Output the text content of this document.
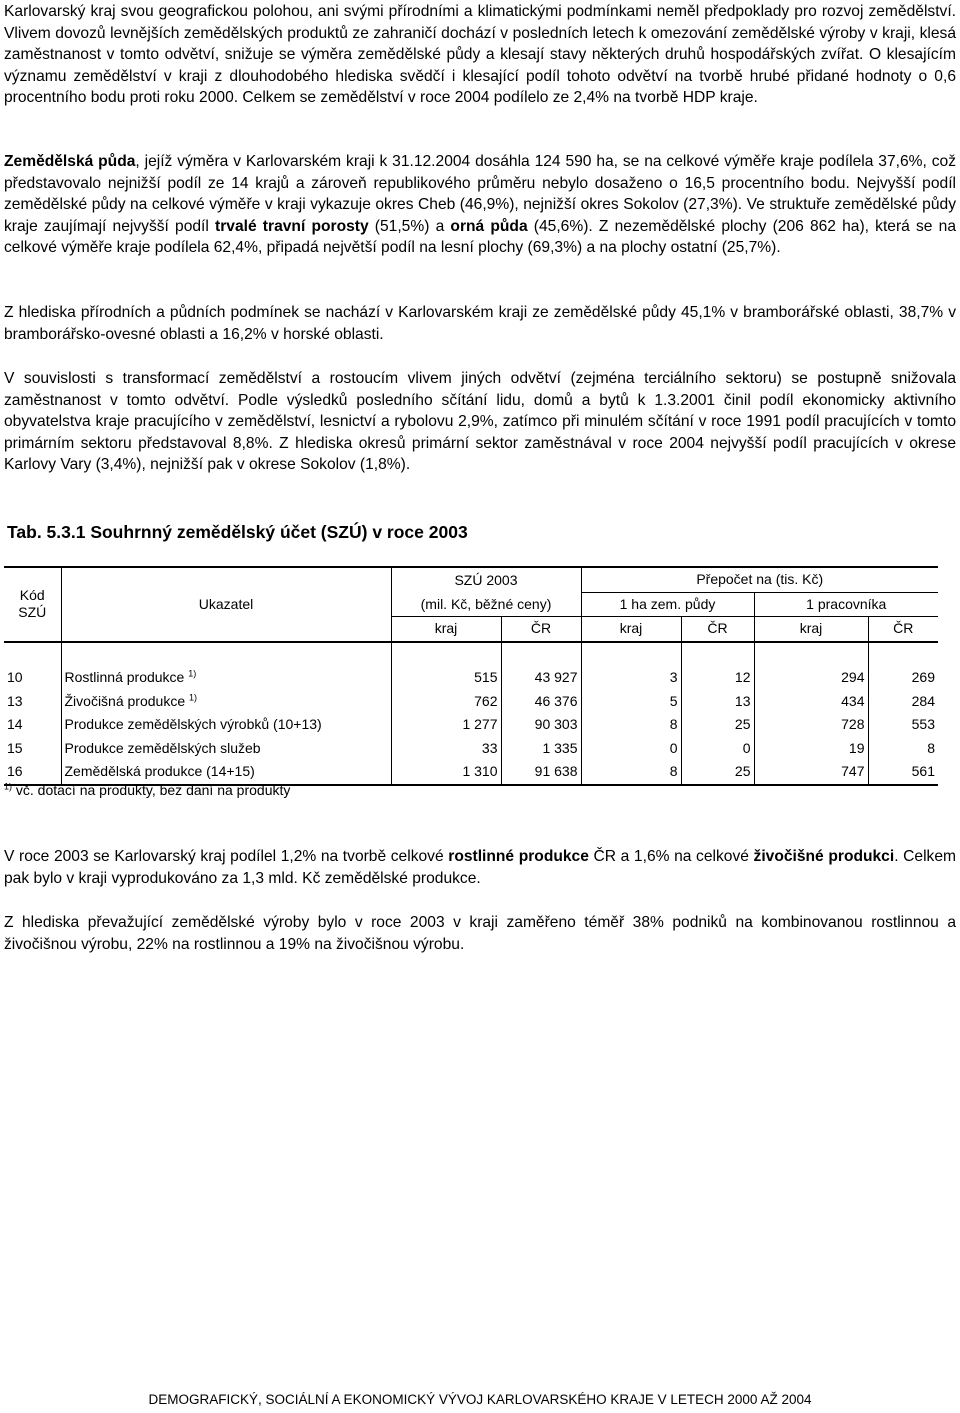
Karlovarský kraj svou geografickou polohou, ani svými přírodními a klimatickými podmínkami neměl předpoklady pro rozvoj zemědělství. Vlivem dovozů levnějších zemědělských produktů ze zahraničí dochází v posledních letech k omezování zemědělské výroby v kraji, klesá zaměstnanost v tomto odvětví, snižuje se výměra zemědělské půdy a klesají stavy některých druhů hospodářských zvířat. O klesajícím významu zemědělství v kraji z dlouhodobého hlediska svědčí i klesající podíl tohoto odvětví na tvorbě hrubé přidané hodnoty o 0,6 procentního bodu proti roku 2000. Celkem se zemědělství v roce 2004 podílelo ze 2,4% na tvorbě HDP kraje.

Zemědělská půda, jejíž výměra v Karlovarském kraji k 31.12.2004 dosáhla 124 590 ha, se na celkové výměře kraje podílela 37,6%, což představovalo nejnižší podíl ze 14 krajů a zároveň republikového průměru nebylo dosaženo o 16,5 procentního bodu. Nejvyšší podíl zemědělské půdy na celkové výměře v kraji vykazuje okres Cheb (46,9%), nejnižší okres Sokolov (27,3%). Ve struktuře zemědělské půdy kraje zaujímají nejvyšší podíl trvalé travní porosty (51,5%) a orná půda (45,6%). Z nezemědělské plochy (206 862 ha), která se na celkové výměře kraje podílela 62,4%, připadá největší podíl na lesní plochy (69,3%) a na plochy ostatní (25,7%).

Z hlediska přírodních a půdních podmínek se nachází v Karlovarském kraji ze zemědělské půdy 45,1% v bramborářské oblasti, 38,7% v bramborářsko-ovesné oblasti a 16,2% v horské oblasti.

V souvislosti s transformací zemědělství a rostoucím vlivem jiných odvětví (zejména terciálního sektoru) se postupně snižovala zaměstnanost v tomto odvětví. Podle výsledků posledního sčítání lidu, domů a bytů k 1.3.2001 činil podíl ekonomicky aktivního obyvatelstva kraje pracujícího v zemědělství, lesnictví a rybolovu 2,9%, zatímco při minulém sčítání v roce 1991 podíl pracujících v tomto primárním sektoru představoval 8,8%. Z hlediska okresů primární sektor zaměstnával v roce 2004 nejvyšší podíl pracujících v okrese Karlovy Vary (3,4%), nejnižší pak v okrese Sokolov (1,8%).

Tab. 5.3.1 Souhrnný zemědělský účet (SZÚ) v roce 2003

Kód
SZÚ	Ukazatel	SZÚ 2003		Přepočet na (tis. Kč)			
		(mil. Kč, běžné ceny)		1 ha zem. půdy		1 pracovníka	
		kraj	ČR	kraj	ČR	kraj	ČR

10	Rostlinná produkce $^{1)}$	515	43 927	3	12	294	269
13	Živočišná produkce $^{1)}$	762	46 376	5	13	434	284
14	Produkce zemědělských výrobků (10+13)	1 277	90 303	8	25	728	553
15	Produkce zemědělských služeb	33	1 335	0	0	19	8
16	Zemědělská produkce (14+15)	1 310	91 638	8	25	747	561

$^{1)}$ vč. dotací na produkty, bez daní na produkty

V roce 2003 se Karlovarský kraj podílel 1,2% na tvorbě celkové rostlinné produkce ČR a 1,6% na celkové živočišné produkci. Celkem pak bylo v kraji vyprodukováno za 1,3 mld. Kč zemědělské produkce.

Z hlediska převažující zemědělské výroby bylo v roce 2003 v kraji zaměřeno téměř 38% podniků na kombinovanou rostlinnou a živočišnou výrobu, 22% na rostlinnou a 19% na živočišnou výrobu.

DEMOGRAFICKÝ, SOCIÁLNÍ A EKONOMICKÝ VÝVOJ KARLOVARSKÉHO KRAJE V LETECH 2000 AŽ 2004
